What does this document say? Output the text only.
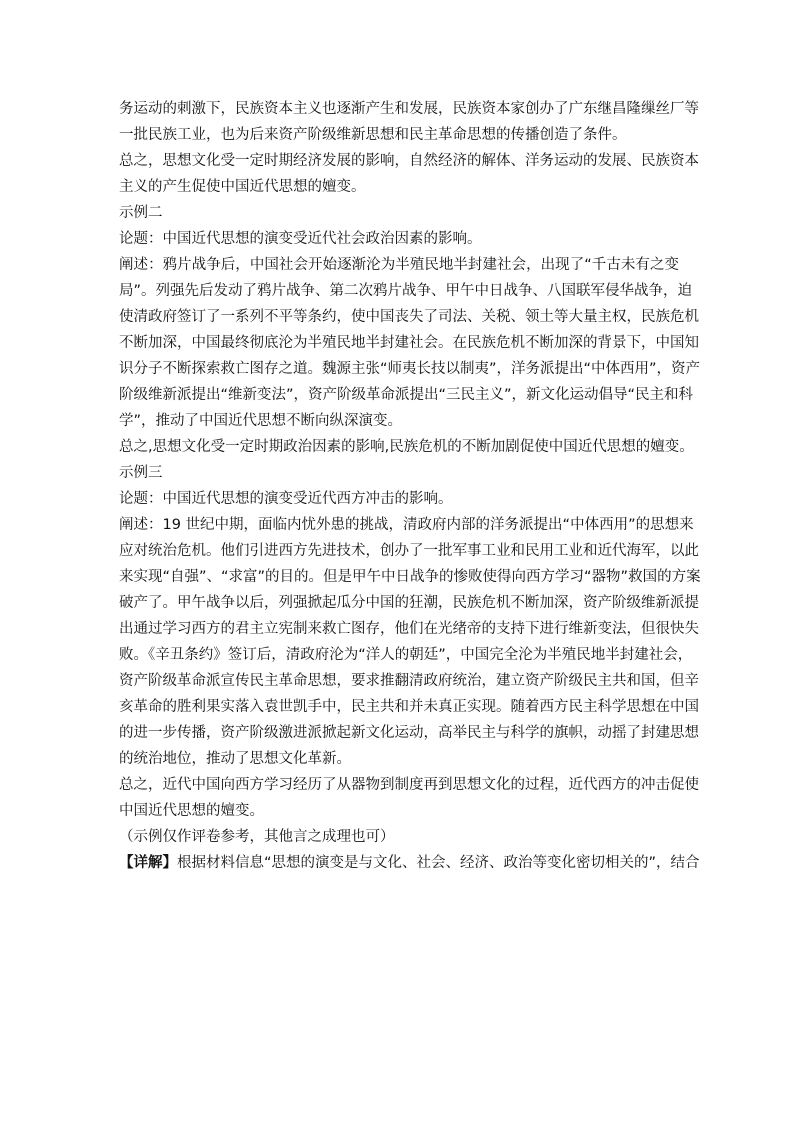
务运动的刺激下，民族资本主义也逐渐产生和发展，民族资本家创办了广东继昌隆缫丝厂等
一批民族工业，也为后来资产阶级维新思想和民主革命思想的传播创造了条件。
总之，思想文化受一定时期经济发展的影响，自然经济的解体、洋务运动的发展、民族资本
主义的产生促使中国近代思想的嬗变。
示例二
论题：中国近代思想的演变受近代社会政治因素的影响。
阐述：鸦片战争后，中国社会开始逐渐沦为半殖民地半封建社会，出现了“千古未有之变
局”。列强先后发动了鸦片战争、第二次鸦片战争、甲午中日战争、八国联军侵华战争，迫
使清政府签订了一系列不平等条约，使中国丧失了司法、关税、领土等大量主权，民族危机
不断加深，中国最终彻底沦为半殖民地半封建社会。在民族危机不断加深的背景下，中国知
识分子不断探索救亡图存之道。魏源主张“师夷长技以制夷”，洋务派提出“中体西用”，资产
阶级维新派提出“维新变法”，资产阶级革命派提出“三民主义”，新文化运动倡导“民主和科
学”，推动了中国近代思想不断向纵深演变。
总之,思想文化受一定时期政治因素的影响,民族危机的不断加剧促使中国近代思想的嬗变。
示例三
论题：中国近代思想的演变受近代西方冲击的影响。
阐述：19 世纪中期，面临内忧外患的挑战，清政府内部的洋务派提出“中体西用”的思想来
应对统治危机。他们引进西方先进技术，创办了一批军事工业和民用工业和近代海军，以此
来实现“自强”、“求富”的目的。但是甲午中日战争的惨败使得向西方学习“器物”救国的方案
破产了。甲午战争以后，列强掀起瓜分中国的狂潮，民族危机不断加深，资产阶级维新派提
出通过学习西方的君主立宪制来救亡图存，他们在光绪帝的支持下进行维新变法，但很快失
败。《辛丑条约》签订后，清政府沦为“洋人的朝廷”，中国完全沦为半殖民地半封建社会，
资产阶级革命派宣传民主革命思想，要求推翻清政府统治，建立资产阶级民主共和国，但辛
亥革命的胜利果实落入袁世凯手中，民主共和并未真正实现。随着西方民主科学思想在中国
的进一步传播，资产阶级激进派掀起新文化运动，高举民主与科学的旗帜，动摇了封建思想
的统治地位，推动了思想文化革新。
总之，近代中国向西方学习经历了从器物到制度再到思想文化的过程，近代西方的冲击促使
中国近代思想的嬗变。
（示例仅作评卷参考，其他言之成理也可）
【详解】根据材料信息“思想的演变是与文化、社会、经济、政治等变化密切相关的”，结合
